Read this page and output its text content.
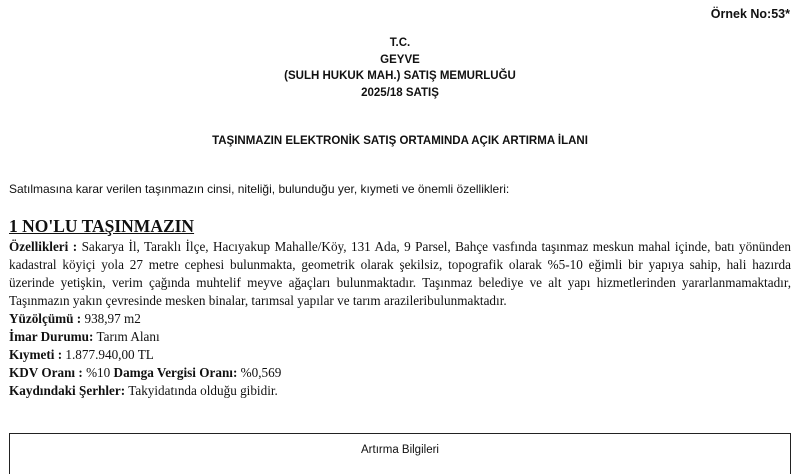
Örnek No:53*
T.C.
GEYVE
(SULH HUKUK MAH.) SATIŞ MEMURLUĞU
2025/18 SATIŞ
TAŞINMAZIN ELEKTRONİK SATIŞ ORTAMINDA AÇIK ARTIRMA İLANI
Satılmasına karar verilen taşınmazın cinsi, niteliği, bulunduğu yer, kıymeti ve önemli özellikleri:
1 NO'LU TAŞINMAZIN
Özellikleri : Sakarya İl, Taraklı İlçe, Hacıyakup Mahalle/Köy, 131 Ada, 9 Parsel, Bahçe vasfında taşınmaz meskun mahal içinde, batı yönünden kadastral köyiçi yola 27 metre cephesi bulunmakta, geometrik olarak şekilsiz, topografik olarak %5-10 eğimli bir yapıya sahip, hali hazırda üzerinde yetişkin, verim çağında muhtelif meyve ağaçları bulunmaktadır. Taşınmaz belediye ve alt yapı hizmetlerinden yararlanmamaktadır, Taşınmazın yakın çevresinde mesken binalar, tarımsal yapılar ve tarım arazileribulunmaktadır.
Yüzölçümü : 938,97 m2
İmar Durumu: Tarım Alanı
Kıymeti : 1.877.940,00 TL
KDV Oranı : %10 Damga Vergisi Oranı: %0,569
Kaydındaki Şerhler: Takyidatında olduğu gibidir.
Artırma Bilgileri
